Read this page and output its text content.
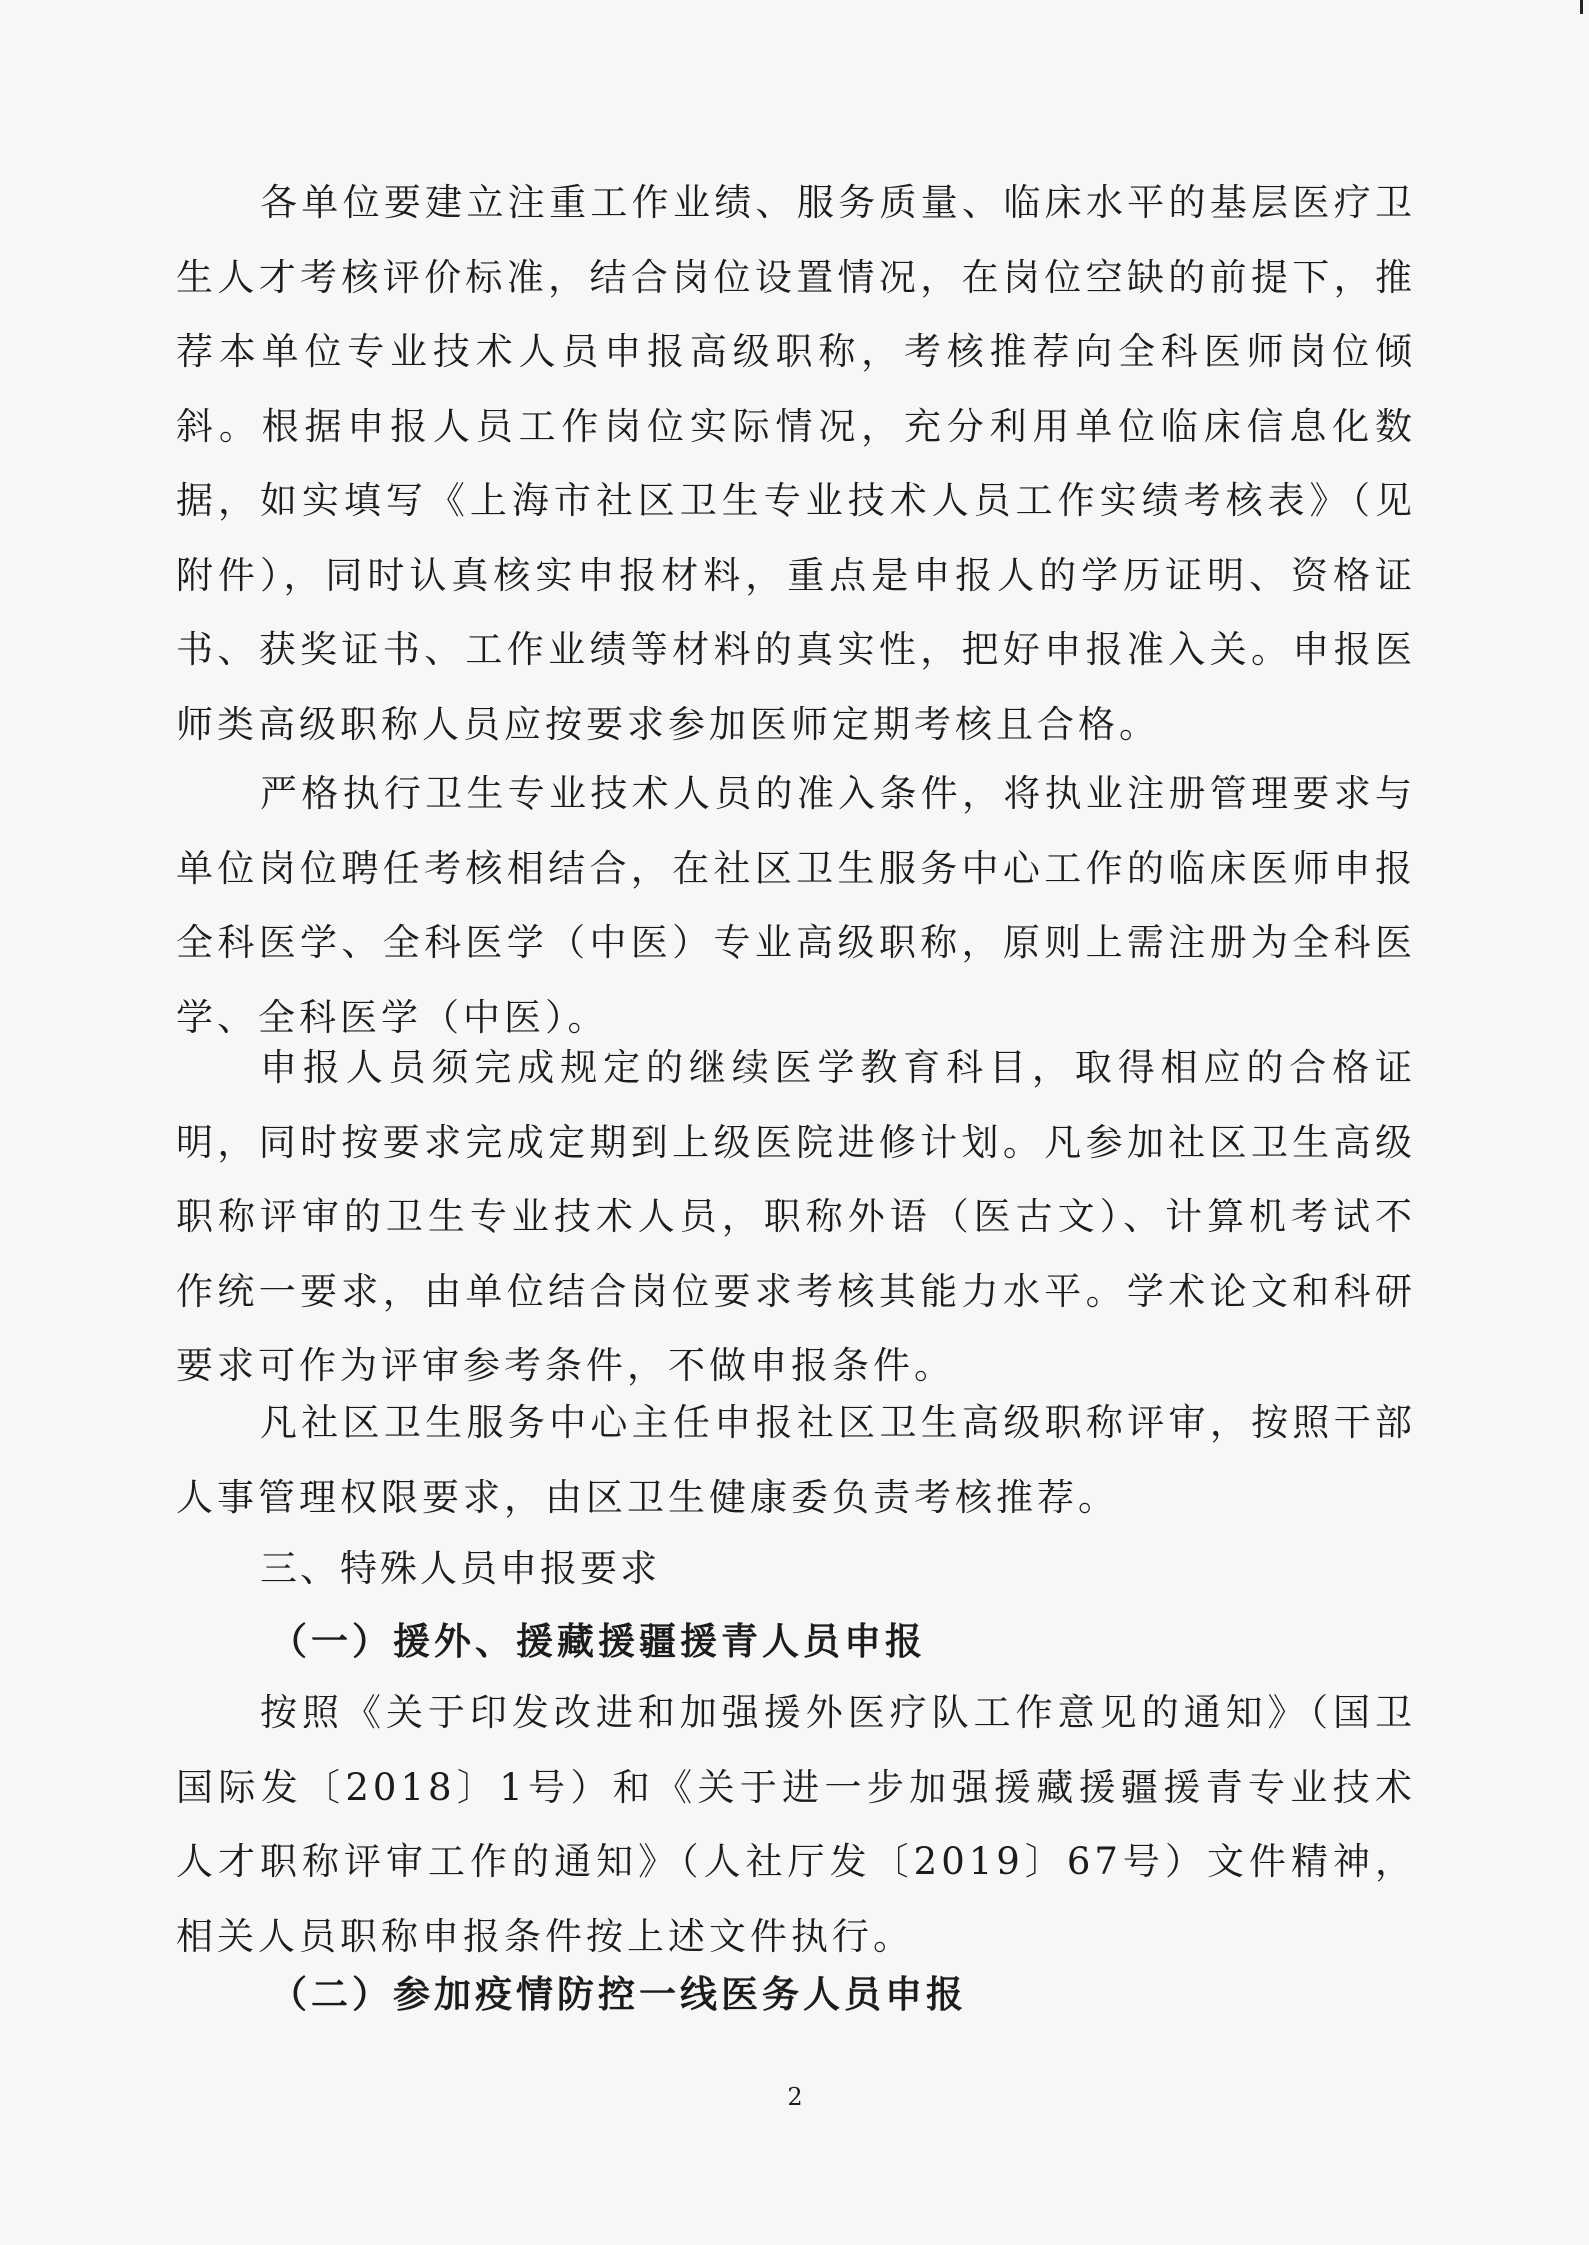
各单位要建立注重工作业绩、服务质量、临床水平的基层医疗卫生人才考核评价标准，结合岗位设置情况，在岗位空缺的前提下，推荐本单位专业技术人员申报高级职称，考核推荐向全科医师岗位倾斜。根据申报人员工作岗位实际情况，充分利用单位临床信息化数据，如实填写《上海市社区卫生专业技术人员工作实绩考核表》（见附件），同时认真核实申报材料，重点是申报人的学历证明、资格证书、获奖证书、工作业绩等材料的真实性，把好申报准入关。申报医师类高级职称人员应按要求参加医师定期考核且合格。

严格执行卫生专业技术人员的准入条件，将执业注册管理要求与单位岗位聘任考核相结合，在社区卫生服务中心工作的临床医师申报全科医学、全科医学（中医）专业高级职称，原则上需注册为全科医学、全科医学（中医）。

申报人员须完成规定的继续医学教育科目，取得相应的合格证明，同时按要求完成定期到上级医院进修计划。凡参加社区卫生高级职称评审的卫生专业技术人员，职称外语（医古文）、计算机考试不作统一要求，由单位结合岗位要求考核其能力水平。学术论文和科研要求可作为评审参考条件，不做申报条件。

凡社区卫生服务中心主任申报社区卫生高级职称评审，按照干部人事管理权限要求，由区卫生健康委负责考核推荐。

三、特殊人员申报要求

（一）援外、援藏援疆援青人员申报

按照《关于印发改进和加强援外医疗队工作意见的通知》（国卫国际发〔2018〕1号）和《关于进一步加强援藏援疆援青专业技术人才职称评审工作的通知》（人社厅发〔2019〕67号）文件精神，相关人员职称申报条件按上述文件执行。

（二）参加疫情防控一线医务人员申报

2
